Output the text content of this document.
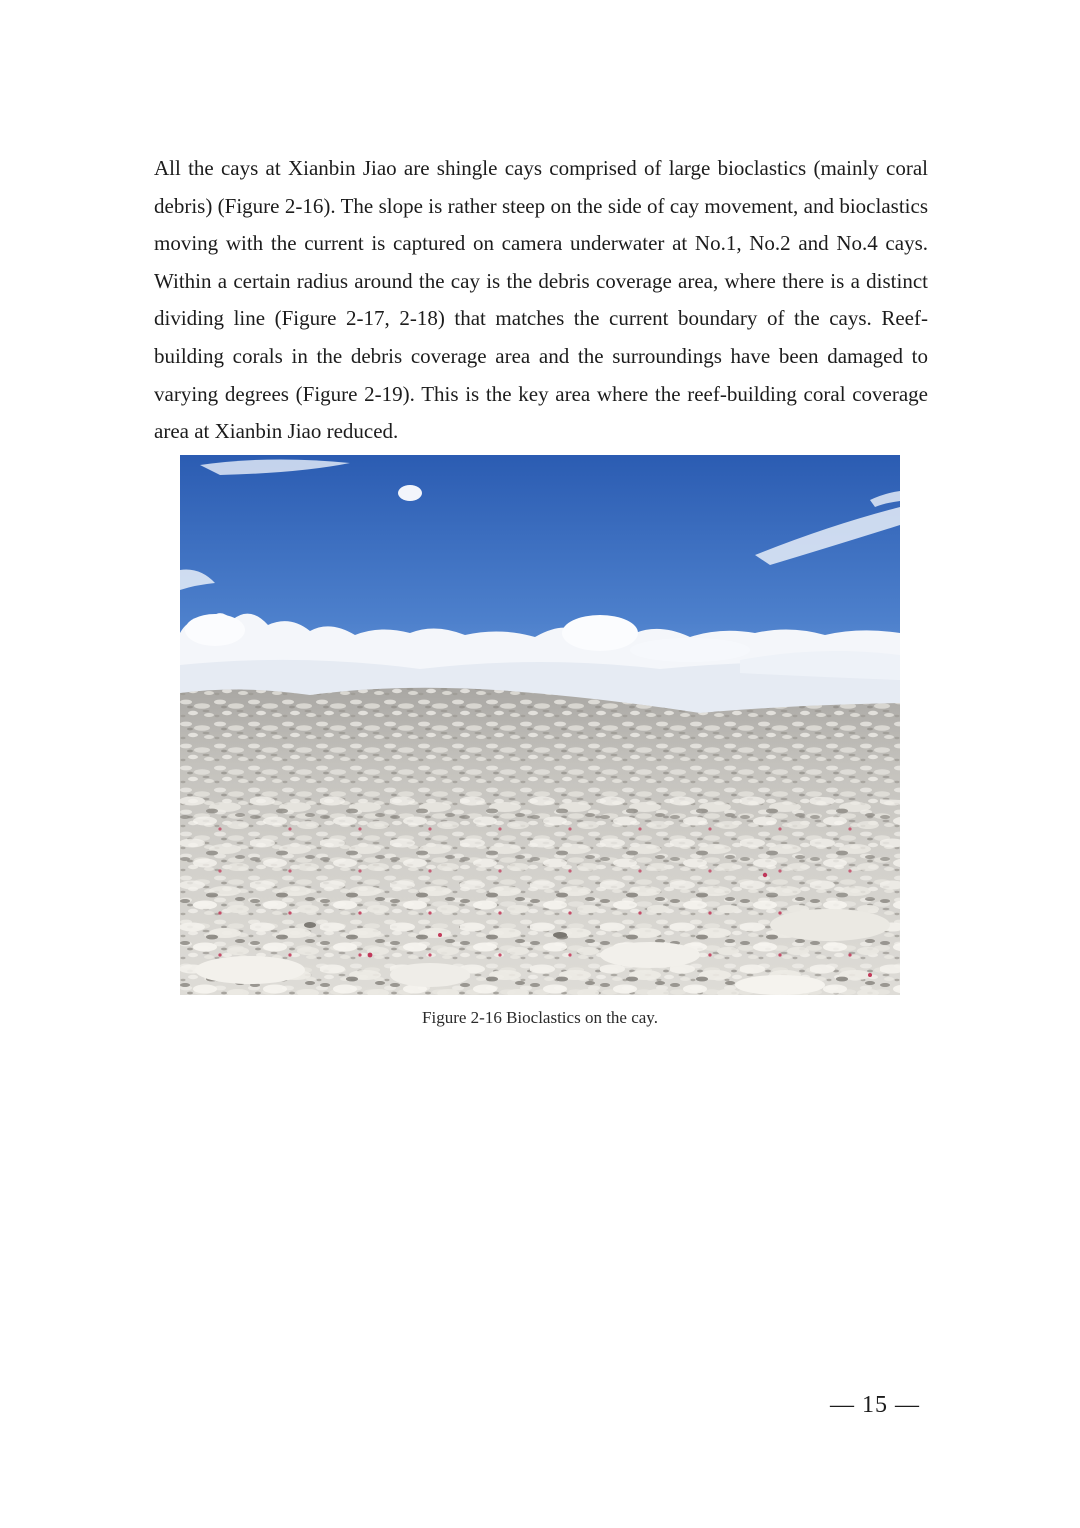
All the cays at Xianbin Jiao are shingle cays comprised of large bioclastics (mainly coral debris) (Figure 2-16). The slope is rather steep on the side of cay movement, and bioclastics moving with the current is captured on camera underwater at No.1, No.2 and No.4 cays. Within a certain radius around the cay is the debris coverage area, where there is a distinct dividing line (Figure 2-17, 2-18) that matches the current boundary of the cays. Reef-building corals in the debris coverage area and the surroundings have been damaged to varying degrees (Figure 2-19). This is the key area where the reef-building coral coverage area at Xianbin Jiao reduced.

Figure 2-16 Bioclastics on the cay.
— 15 —
